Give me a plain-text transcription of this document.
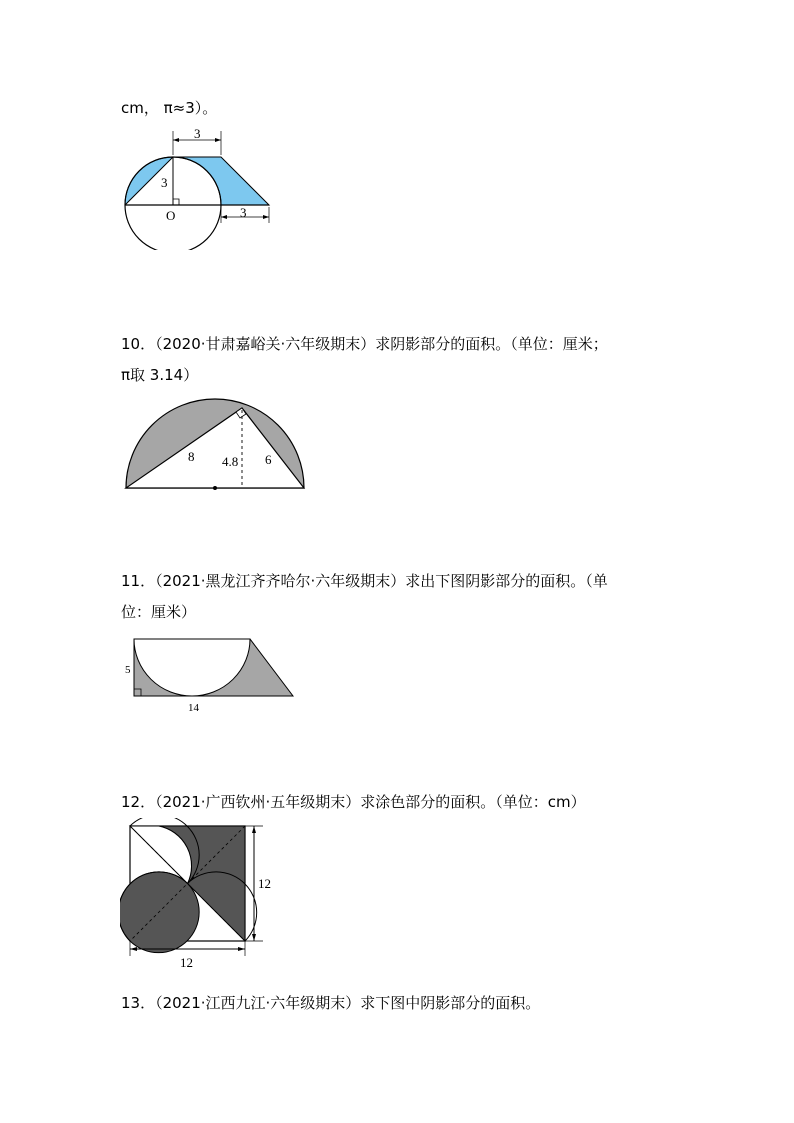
cm， π≈3）。
3
3
O	3
10．（2020·甘肃嘉峪关·六年级期末）求阴影部分的面积。（单位：厘米；
π取 3.14）
8 4.8 6
11．（2021·黑龙江齐齐哈尔·六年级期末）求出下图阴影部分的面积。（单
位：厘米）
5
14
12．（2021·广西钦州·五年级期末）求涂色部分的面积。（单位：cm）
12
12
13．（2021·江西九江·六年级期末）求下图中阴影部分的面积。
